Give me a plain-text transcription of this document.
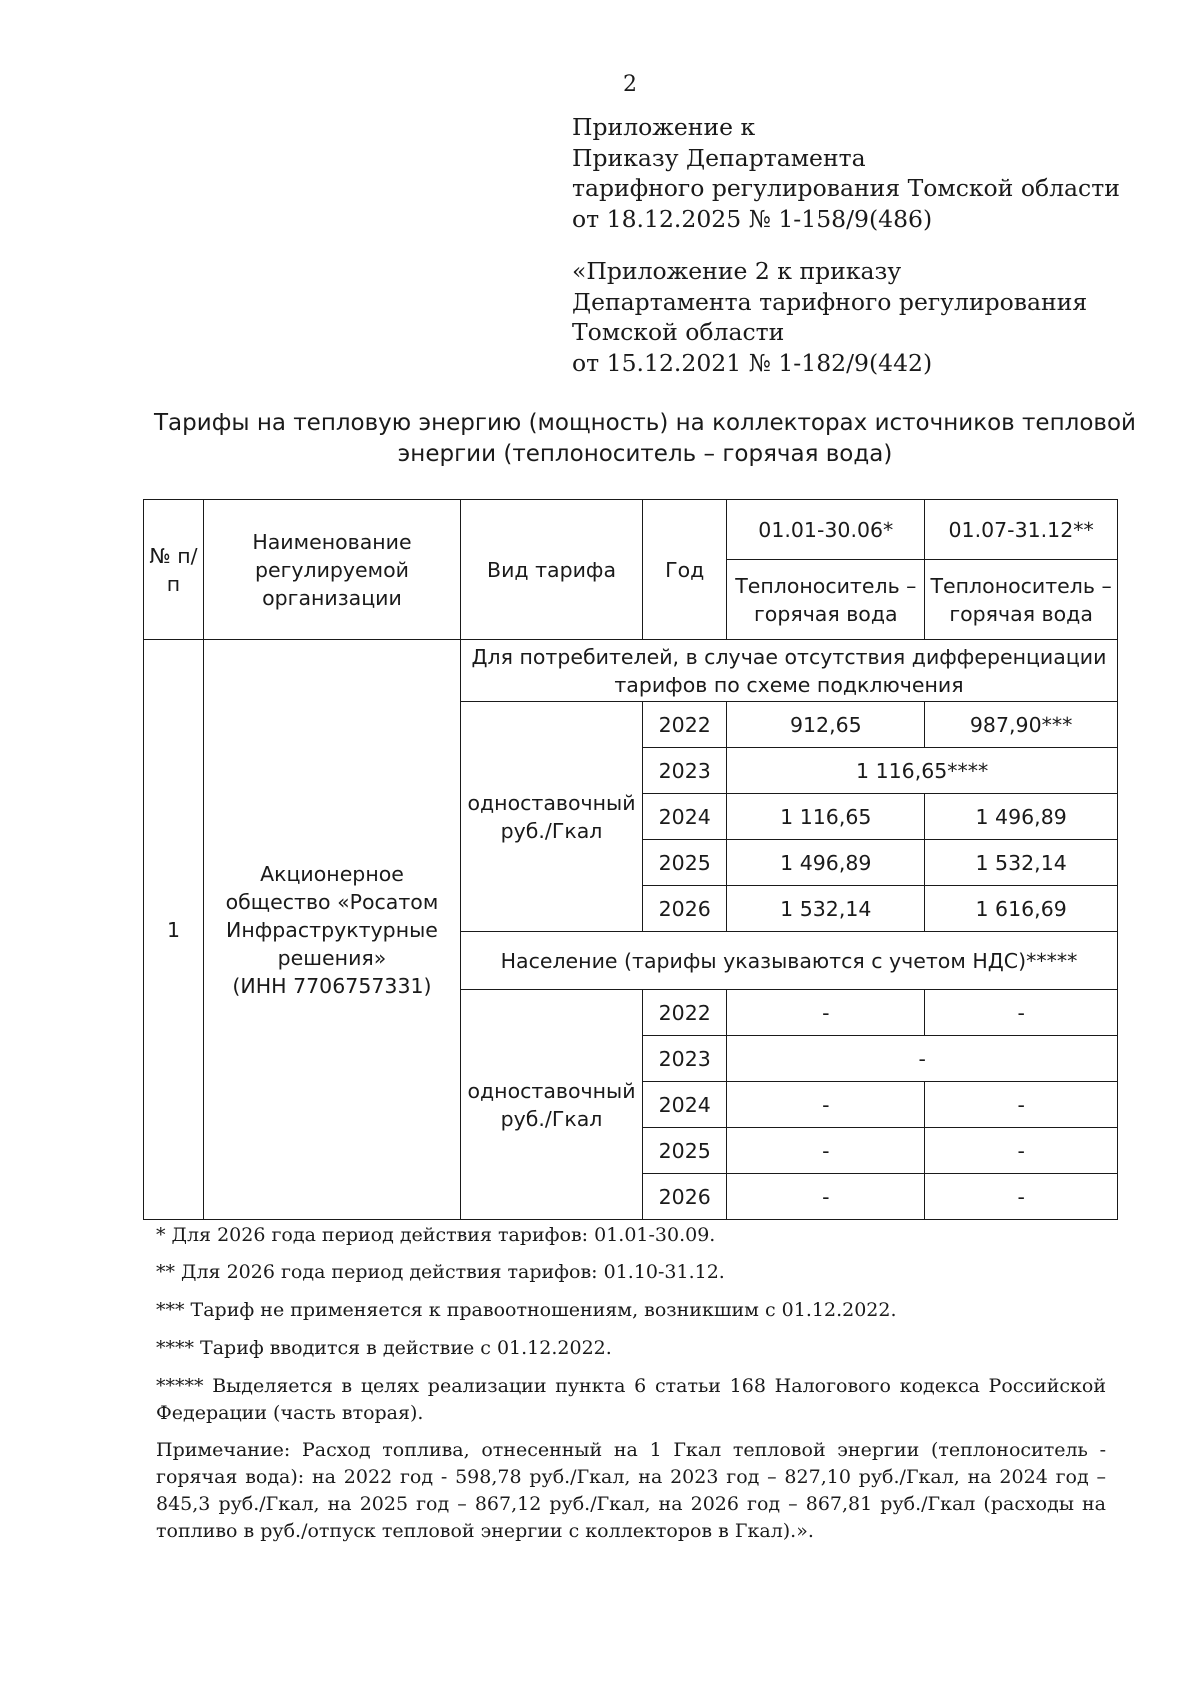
2
Приложение к
Приказу Департамента
тарифного регулирования Томской области
от 18.12.2025 № 1-158/9(486)
«Приложение 2 к приказу
Департамента тарифного регулирования
Томской области
от 15.12.2021 № 1-182/9(442)
Тарифы на тепловую энергию (мощность) на коллекторах источников тепловой
энергии (теплоноситель – горячая вода)
№ п/п	Наименование регулируемой организации	Вид тарифа	Год	01.01-30.06*	01.07-31.12**
				Теплоноситель – горячая вода	Теплоноситель – горячая вода
1	Акционерное
общество «Росатом
Инфраструктурные
решения»
(ИНН 7706757331)	Для потребителей, в случае отсутствия дифференциации тарифов по схеме подключения			
		одноставочный руб./Гкал	2022	912,65	987,90***
			2023	1 116,65****	
			2024	1 116,65	1 496,89
			2025	1 496,89	1 532,14
			2026	1 532,14	1 616,69
		Население (тарифы указываются с учетом НДС)*****			
		одноставочный руб./Гкал	2022	-	-
			2023	-	
			2024	-	-
			2025	-	-
			2026	-	-
* Для 2026 года период действия тарифов: 01.01-30.09.
** Для 2026 года период действия тарифов: 01.10-31.12.
*** Тариф не применяется к правоотношениям, возникшим с 01.12.2022.
**** Тариф вводится в действие с 01.12.2022.
***** Выделяется в целях реализации пункта 6 статьи 168 Налогового кодекса Российской Федерации (часть вторая).
Примечание: Расход топлива, отнесенный на 1 Гкал тепловой энергии (теплоноситель - горячая вода): на 2022 год - 598,78 руб./Гкал, на 2023 год – 827,10 руб./Гкал, на 2024 год – 845,3 руб./Гкал, на 2025 год – 867,12 руб./Гкал, на 2026 год – 867,81 руб./Гкал (расходы на топливо в руб./отпуск тепловой энергии с коллекторов в Гкал).».
